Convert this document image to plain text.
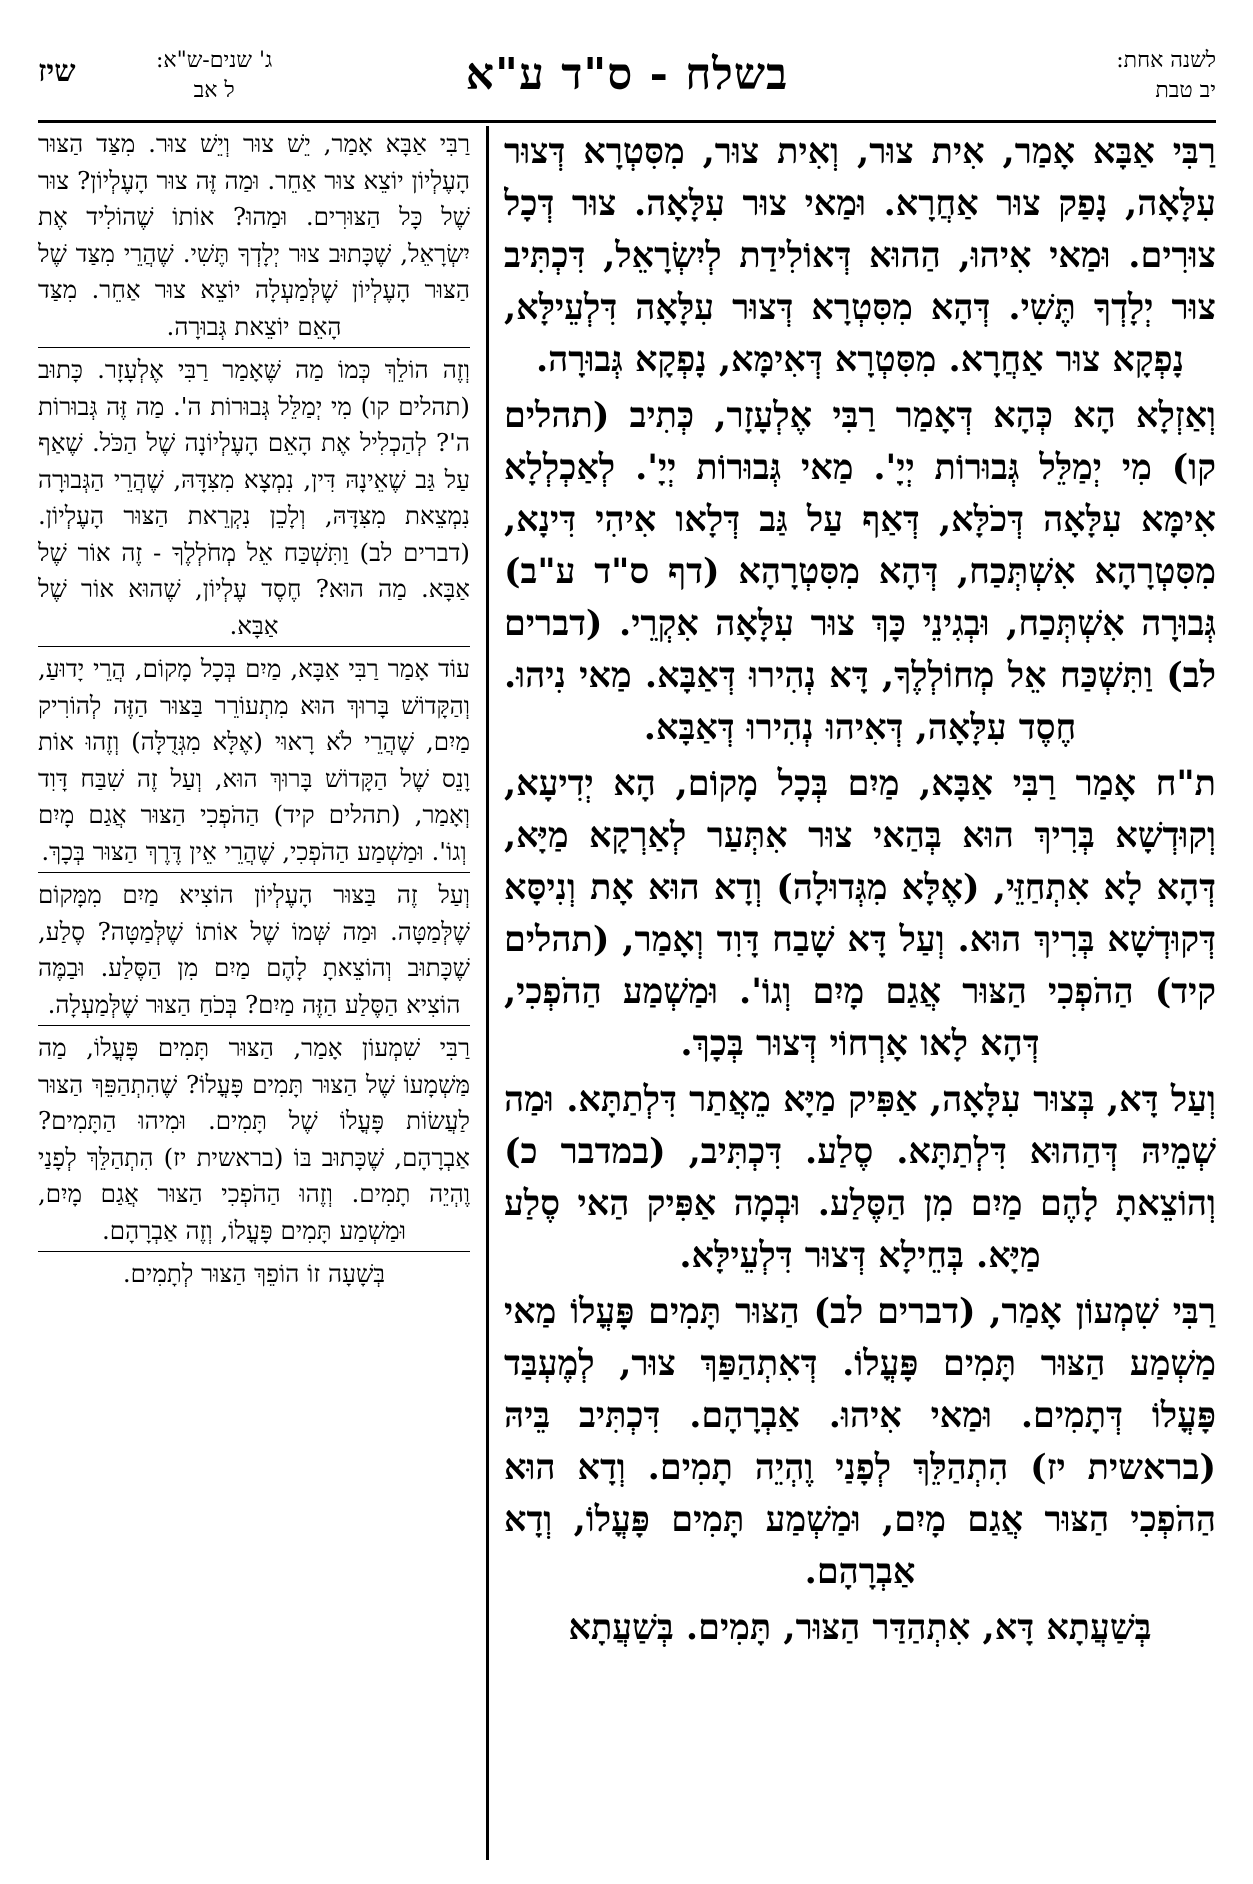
לשנה אחת:
יב טבת
בשלח - ס"ד ע"א
ג' שנים-ש"א:
ל אב
שיז

רַבִּי אַבָּא אָמַר, אִית צוּר, וְאִית צוּר, מִסִּטְרָא דְּצוּר עִלָּאָה, נָפַק צוּר אַחֲרָא. וּמַאי צוּר עִלָּאָה. צוּר דְּכָל צוּרִים. וּמַאי אִיהוּ, הַהוּא דְּאוֹלִידַת לְיִשְׂרָאֵל, דִּכְתִּיב צוּר יְלָדְךָ תֶּשִׁי. דְּהָא מִסִּטְרָא דְּצוּר עִלָּאָה דִּלְעֵילָּא, נָפְקָא צוּר אַחֲרָא. מִסִּטְרָא דְּאִימָּא, נָפְקָא גְּבוּרָה.

וְאַזְלָא הָא כְּהָא דְּאָמַר רַבִּי אֶלְעָזָר, כְּתִיב (תהלים קו) מִי יְמַלֵּל גְּבוּרוֹת יְיָ'. מַאי גְּבוּרוֹת יְיָ'. לְאַכְלְלָא אִימָּא עִלָּאָה דְּכֹלָּא, דְּאַף עַל גַּב דְּלָאו אִיהִי דִּינָא, מִסִּטְרָהָא אִשְׁתְּכַח, דְּהָא מִסִּטְרָהָא (דף ס"ד ע"ב) גְּבוּרָה אִשְׁתְּכַח, וּבְגִינֵי כָּךְ צוּר עִלָּאָה אִקְרֵי. (דברים לב) וַתִּשְׁכַּח אֵל מְחוֹלְלֶךָ, דָּא נְהִירוּ דְּאַבָּא. מַאי נִיהוּ. חֶסֶד עִלָּאָה, דְּאִיהוּ נְהִירוּ דְּאַבָּא.

ת"ח אָמַר רַבִּי אַבָּא, מַיִם בְּכָל מָקוֹם, הָא יְדִיעָא, וְקוּדְשָׁא בְּרִיךְ הוּא בְּהַאי צוּר אִתְּעַר לְאַרְקָא מַיָּא, דְּהָא לָא אִתְחַזֵּי, (אֶלָּא מִגְּדוּלָה) וְדָא הוּא אָת וְנִיסָּא דְּקוּדְשָׁא בְּרִיךְ הוּא. וְעַל דָּא שָׁבַח דָּוִד וְאָמַר, (תהלים קיד) הַהֹפְכִי הַצּוּר אֲגַם מָיִם וְגוֹ'. וּמַשְׁמַע הַהֹפְכִי, דְּהָא לָאו אָרְחוֹי דְּצוּר בְּכָךְ.

וְעַל דָּא, בְּצוּר עִלָּאָה, אַפִּיק מַיָּא מֵאֲתַר דִּלְתַתָּא. וּמַה שְׁמֵיהּ דְּהַהוּא דִּלְתַתָּא. סֶלַע. דִּכְתִּיב, (במדבר כ) וְהוֹצֵאתָ לָהֶם מַיִם מִן הַסֶּלַע. וּבְמָה אַפִּיק הַאי סֶלַע מַיָּא. בְּחֵילָא דְּצוּר דִּלְעֵילָּא.

רַבִּי שִׁמְעוֹן אָמַר, (דברים לב) הַצּוּר תָּמִים פָּעֳלוֹ מַאי מַשְׁמַע הַצּוּר תָּמִים פָּעֳלוֹ. דְּאִתְהַפַּךְ צוּר, לְמֶעְבַּד פָּעֳלוֹ דְּתָמִים. וּמַאי אִיהוּ. אַבְרָהָם. דִּכְתִּיב בֵּיהּ (בראשית יז) הִתְהַלֵּךְ לְפָנַי וֶהְיֵה תָמִים. וְדָא הוּא הַהֹפְכִי הַצּוּר אֲגַם מָיִם, וּמַשְׁמַע תָּמִים פָּעֳלוֹ, וְדָא אַבְרָהָם.

בְּשַׁעֲתָא דָּא, אִתְהַדַּר הַצּוּר, תָּמִים. בְּשַׁעֲתָא

רַבִּי אַבָּא אָמַר, יֵשׁ צוּר וְיֵשׁ צוּר. מִצַּד הַצּוּר הָעֶלְיוֹן יוֹצֵא צוּר אַחֵר. וּמַה זֶּה צוּר הָעֶלְיוֹן? צוּר שֶׁל כָּל הַצּוּרִים. וּמַהוּ? אוֹתוֹ שֶׁהוֹלִיד אֶת יִשְׂרָאֵל, שֶׁכָּתוּב צוּר יְלָדְךָ תֶּשִׁי. שֶׁהֲרֵי מִצַּד שֶׁל הַצּוּר הָעֶלְיוֹן שֶׁלְּמַעְלָה יוֹצֵא צוּר אַחֵר. מִצַּד הָאֵם יוֹצֵאת גְּבוּרָה.

וְזֶה הוֹלֵךְ כְּמוֹ מַה שֶּׁאָמַר רַבִּי אֶלְעָזָר. כָּתוּב (תהלים קו) מִי יְמַלֵּל גְּבוּרוֹת ה'. מַה זֶּה גְּבוּרוֹת ה'? לְהַכְלִיל אֶת הָאֵם הָעֶלְיוֹנָה שֶׁל הַכֹּל. שֶׁאַף עַל גַּב שֶׁאֵינָהּ דִּין, נִמְצָא מִצִּדָּהּ, שֶׁהֲרֵי הַגְּבוּרָה נִמְצֵאת מִצִּדָּהּ, וְלָכֵן נִקְרֵאת הַצּוּר הָעֶלְיוֹן. (דברים לב) וַתִּשְׁכַּח אֵל מְחֹלְלֶךָ - זֶה אוֹר שֶׁל אַבָּא. מַה הוּא? חֶסֶד עֶלְיוֹן, שֶׁהוּא אוֹר שֶׁל אַבָּא.

עוֹד אָמַר רַבִּי אַבָּא, מַיִם בְּכָל מָקוֹם, הֲרֵי יָדוּעַ, וְהַקָּדוֹשׁ בָּרוּךְ הוּא מִתְעוֹרֵר בַּצּוּר הַזֶּה לְהוֹרִיק מַיִם, שֶׁהֲרֵי לֹא רָאוּי (אֶלָּא מִגְּדֻלָּה) וְזֶהוּ אוֹת וָנֵס שֶׁל הַקָּדוֹשׁ בָּרוּךְ הוּא, וְעַל זֶה שִׁבַּח דָּוִד וְאָמַר, (תהלים קיד) הַהֹפְכִי הַצּוּר אֲגַם מָיִם וְגוֹ'. וּמַשְׁמַע הַהֹפְכִי, שֶׁהֲרֵי אֵין דֶּרֶךְ הַצּוּר בְּכָךְ.

וְעַל זֶה בַּצּוּר הָעֶלְיוֹן הוֹצִיא מַיִם מִמָּקוֹם שֶׁלְּמַטָּה. וּמַה שְּׁמוֹ שֶׁל אוֹתוֹ שֶׁלְּמַטָּה? סֶלַע, שֶׁכָּתוּב וְהוֹצֵאתָ לָהֶם מַיִם מִן הַסֶּלַע. וּבַמֶּה הוֹצִיא הַסֶּלַע הַזֶּה מַיִם? בְּכֹחַ הַצּוּר שֶׁלְּמַעְלָה.

רַבִּי שִׁמְעוֹן אָמַר, הַצּוּר תָּמִים פָּעֳלוֹ, מַה מַּשְׁמָעוֹ שֶׁל הַצּוּר תָּמִים פָּעֳלוֹ? שֶׁהִתְהַפֵּךְ הַצּוּר לַעֲשׂוֹת פָּעֳלוֹ שֶׁל תָּמִים. וּמִיהוּ הַתָּמִים? אַבְרָהָם, שֶׁכָּתוּב בּוֹ (בראשית יז) הִתְהַלֵּךְ לְפָנַי וֶהְיֵה תָמִים. וְזֶהוּ הַהֹפְכִי הַצּוּר אֲגַם מָיִם, וּמַשְׁמַע תָּמִים פָּעֳלוֹ, וְזֶה אַבְרָהָם.

בְּשָׁעָה זוֹ הוֹפֵךְ הַצּוּר לְתָמִים.
